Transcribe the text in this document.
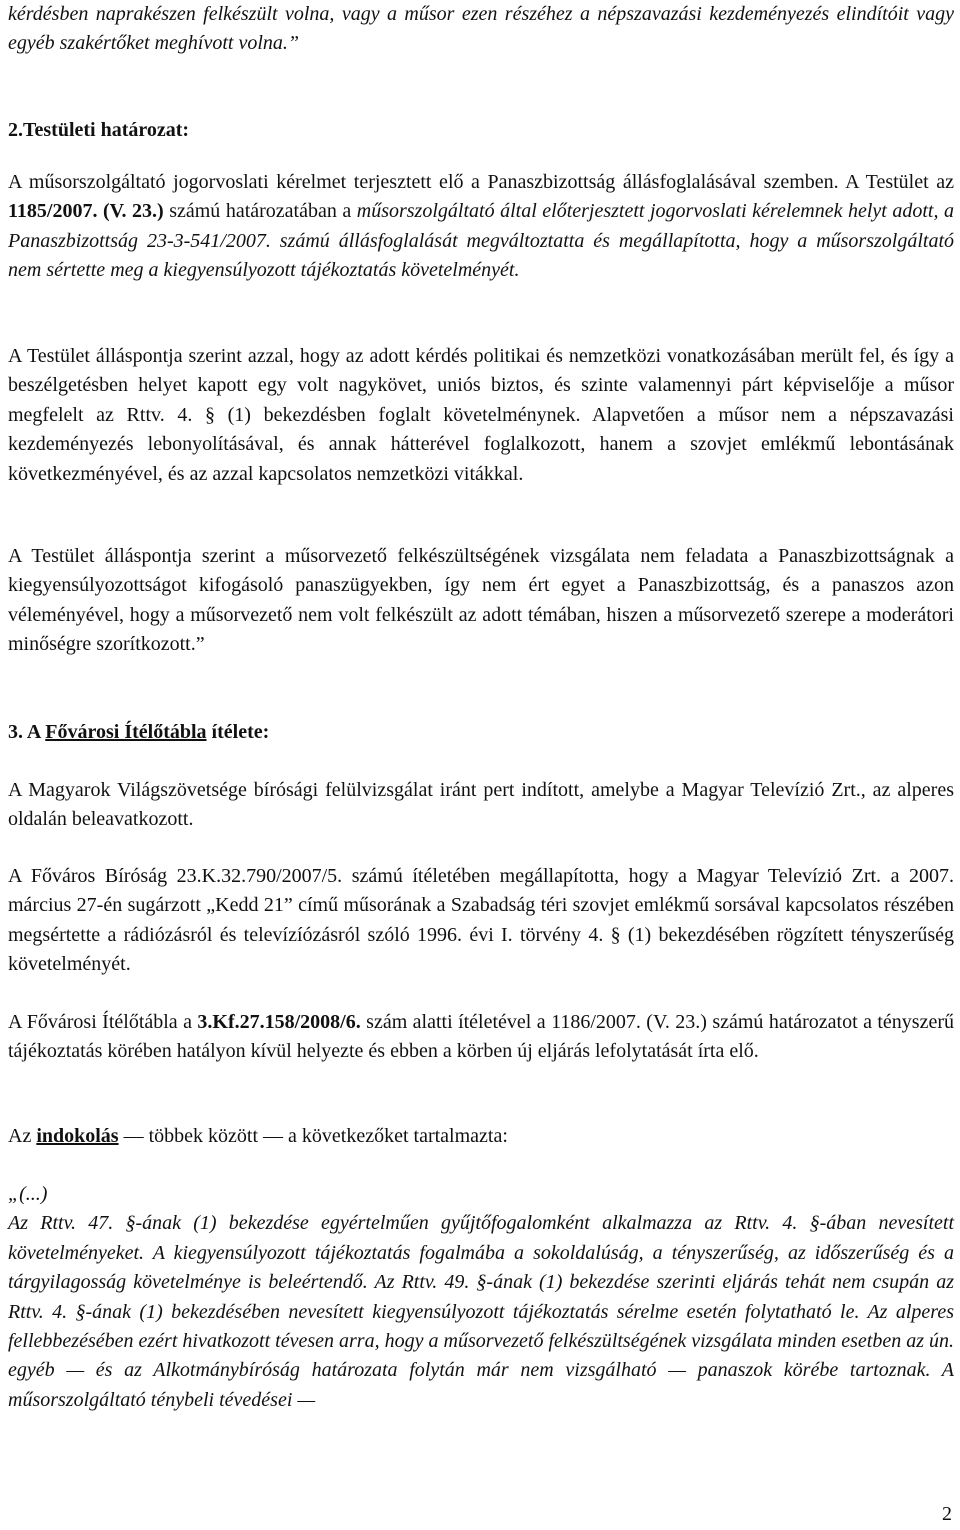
kérdésben naprakészen felkészült volna, vagy a műsor ezen részéhez a népszavazási kezdeményezés elindítóit vagy egyéb szakértőket meghívott volna.”

2.Testületi határozat:

A műsorszolgáltató jogorvoslati kérelmet terjesztett elő a Panaszbizottság állásfoglalásával szemben. A Testület az 1185/2007. (V. 23.) számú határozatában a műsorszolgáltató által előterjesztett jogorvoslati kérelemnek helyt adott, a Panaszbizottság 23-3-541/2007. számú állásfoglalását megváltoztatta és megállapította, hogy a műsorszolgáltató nem sértette meg a kiegyensúlyozott tájékoztatás követelményét.

A Testület álláspontja szerint azzal, hogy az adott kérdés politikai és nemzetközi vonatkozásában merült fel, és így a beszélgetésben helyet kapott egy volt nagykövet, uniós biztos, és szinte valamennyi párt képviselője a műsor megfelelt az Rttv. 4. § (1) bekezdésben foglalt követelménynek. Alapvetően a műsor nem a népszavazási kezdeményezés lebonyolításával, és annak hátterével foglalkozott, hanem a szovjet emlékmű lebontásának következményével, és az azzal kapcsolatos nemzetközi vitákkal.

A Testület álláspontja szerint a műsorvezető felkészültségének vizsgálata nem feladata a Panaszbizottságnak a kiegyensúlyozottságot kifogásoló panaszügyekben, így nem ért egyet a Panaszbizottság, és a panaszos azon véleményével, hogy a műsorvezető nem volt felkészült az adott témában, hiszen a műsorvezető szerepe a moderátori minőségre szorítkozott.”

3. A Fővárosi Ítélőtábla ítélete:

A Magyarok Világszövetsége bírósági felülvizsgálat iránt pert indított, amelybe a Magyar Televízió Zrt., az alperes oldalán beleavatkozott.

A Főváros Bíróság 23.K.32.790/2007/5. számú ítéletében megállapította, hogy a Magyar Televízió Zrt. a 2007. március 27-én sugárzott „Kedd 21” című műsorának a Szabadság téri szovjet emlékmű sorsával kapcsolatos részében megsértette a rádiózásról és televízíózásról szóló 1996. évi I. törvény 4. § (1) bekezdésében rögzített tényszerűség követelményét.

A Fővárosi Ítélőtábla a 3.Kf.27.158/2008/6. szám alatti ítéletével a 1186/2007. (V. 23.) számú határozatot a tényszerű tájékoztatás körében hatályon kívül helyezte és ebben a körben új eljárás lefolytatását írta elő.

Az indokolás — többek között — a következőket tartalmazta:

„(...)

Az Rttv. 47. §-ának (1) bekezdése egyértelműen gyűjtőfogalomként alkalmazza az Rttv. 4. §-ában nevesített követelményeket. A kiegyensúlyozott tájékoztatás fogalmába a sokoldalúság, a tényszerűség, az időszerűség és a tárgyilagosság követelménye is beleértendő. Az Rttv. 49. §-ának (1) bekezdése szerinti eljárás tehát nem csupán az Rttv. 4. §-ának (1) bekezdésében nevesített kiegyensúlyozott tájékoztatás sérelme esetén folytatható le. Az alperes fellebbezésében ezért hivatkozott tévesen arra, hogy a műsorvezető felkészültségének vizsgálata minden esetben az ún. egyéb — és az Alkotmánybíróság határozata folytán már nem vizsgálható — panaszok körébe tartoznak. A műsorszolgáltató ténybeli tévedései —

2
